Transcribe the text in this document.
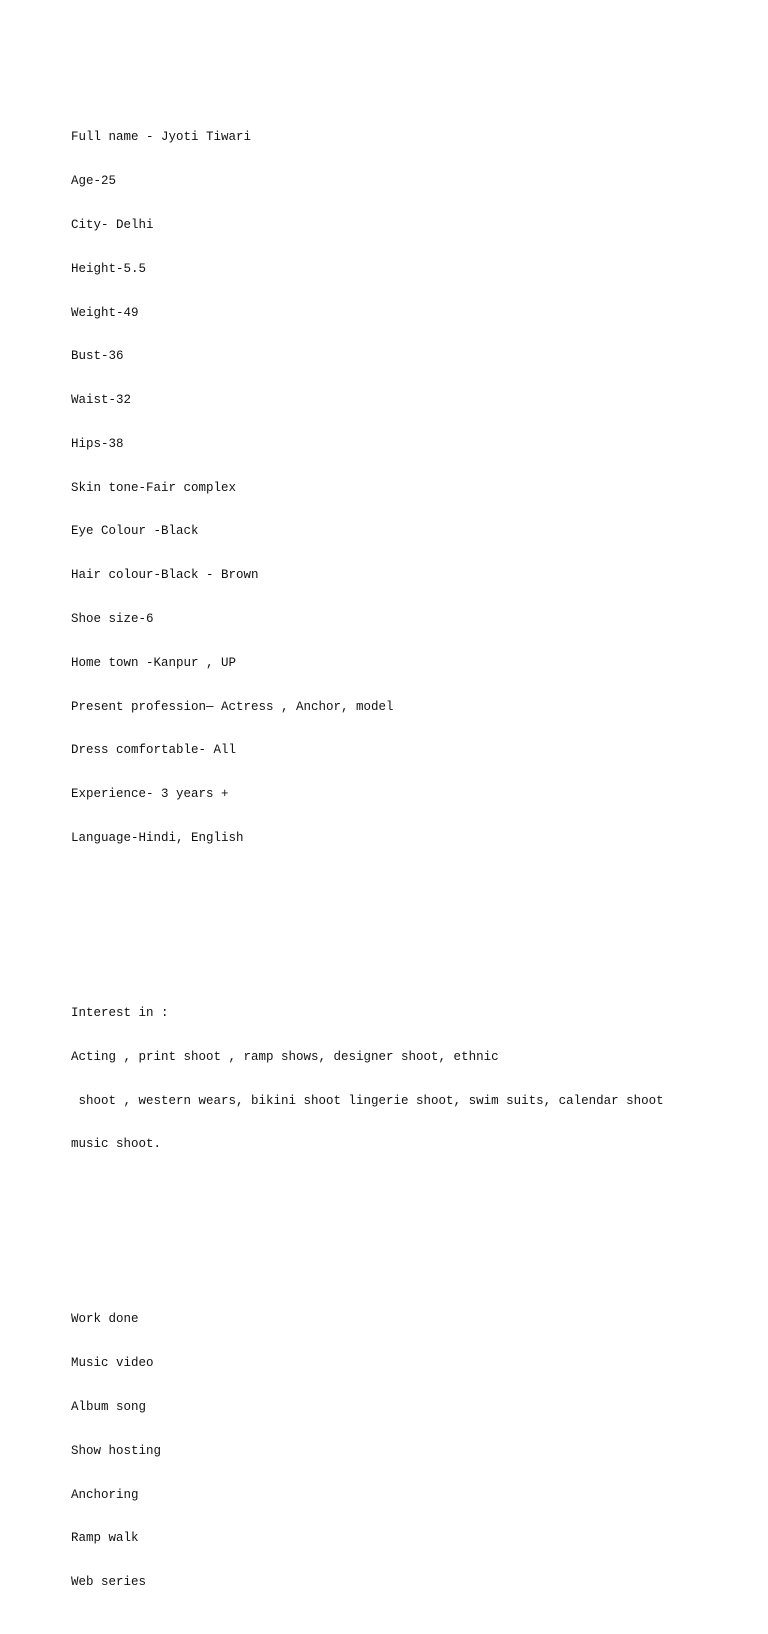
Full name - Jyoti Tiwari

Age-25

City- Delhi

Height-5.5

Weight-49

Bust-36

Waist-32

Hips-38

Skin tone-Fair complex

Eye Colour -Black

Hair colour-Black - Brown

Shoe size-6

Home town -Kanpur , UP

Present profession— Actress , Anchor, model

Dress comfortable- All

Experience- 3 years +

Language-Hindi, English

Interest in :

Acting , print shoot , ramp shows, designer shoot, ethnic

shoot , western wears, bikini shoot lingerie shoot, swim suits, calendar shoot

music shoot.

Work done

Music video

Album song

Show hosting

Anchoring

Ramp walk

Web series
